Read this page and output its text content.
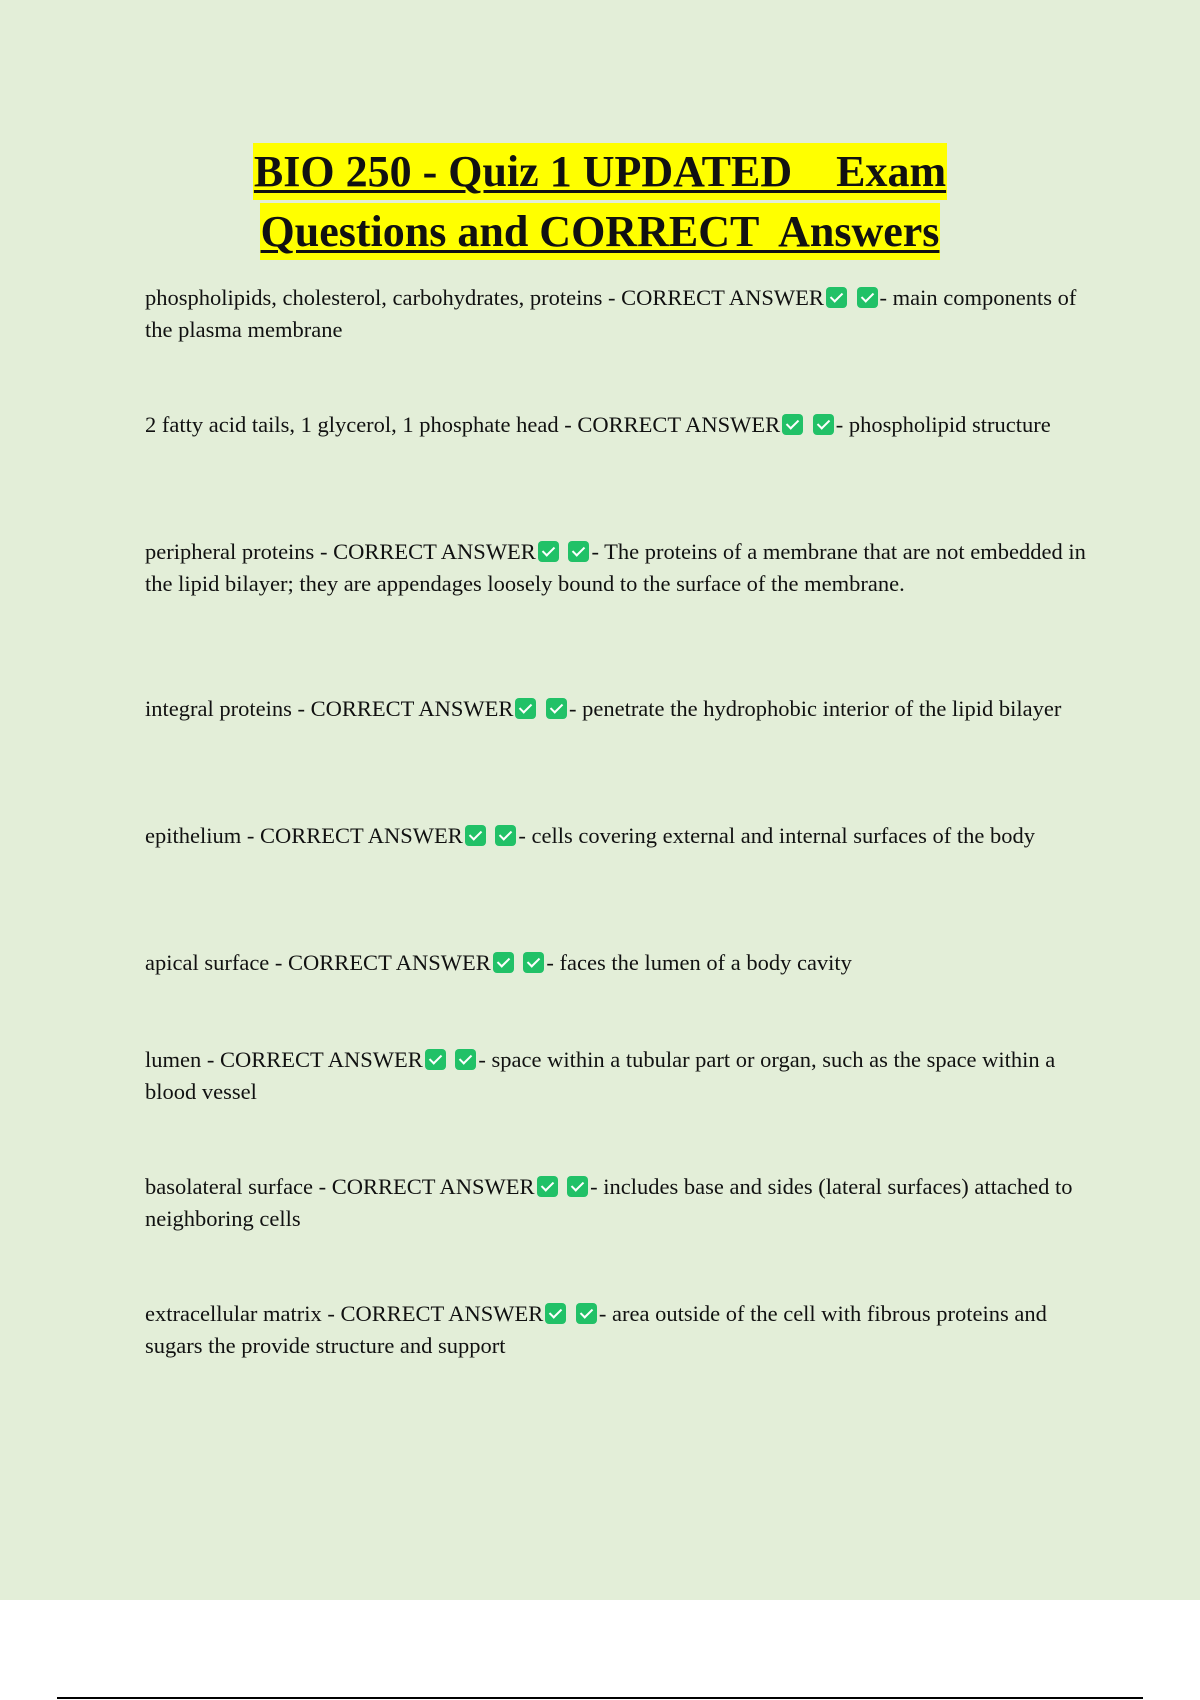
BIO 250 - Quiz 1 UPDATED    Exam
Questions and CORRECT  Answers
phospholipids, cholesterol, carbohydrates, proteins - CORRECT ANSWER - main components of the plasma membrane
2 fatty acid tails, 1 glycerol, 1 phosphate head - CORRECT ANSWER - phospholipid structure
peripheral proteins - CORRECT ANSWER - The proteins of a membrane that are not embedded in the lipid bilayer; they are appendages loosely bound to the surface of the membrane.
integral proteins - CORRECT ANSWER - penetrate the hydrophobic interior of the lipid bilayer
epithelium - CORRECT ANSWER - cells covering external and internal surfaces of the body
apical surface - CORRECT ANSWER - faces the lumen of a body cavity
lumen - CORRECT ANSWER - space within a tubular part or organ, such as the space within a blood vessel
basolateral surface - CORRECT ANSWER - includes base and sides (lateral surfaces) attached to neighboring cells
extracellular matrix - CORRECT ANSWER - area outside of the cell with fibrous proteins and sugars the provide structure and support
